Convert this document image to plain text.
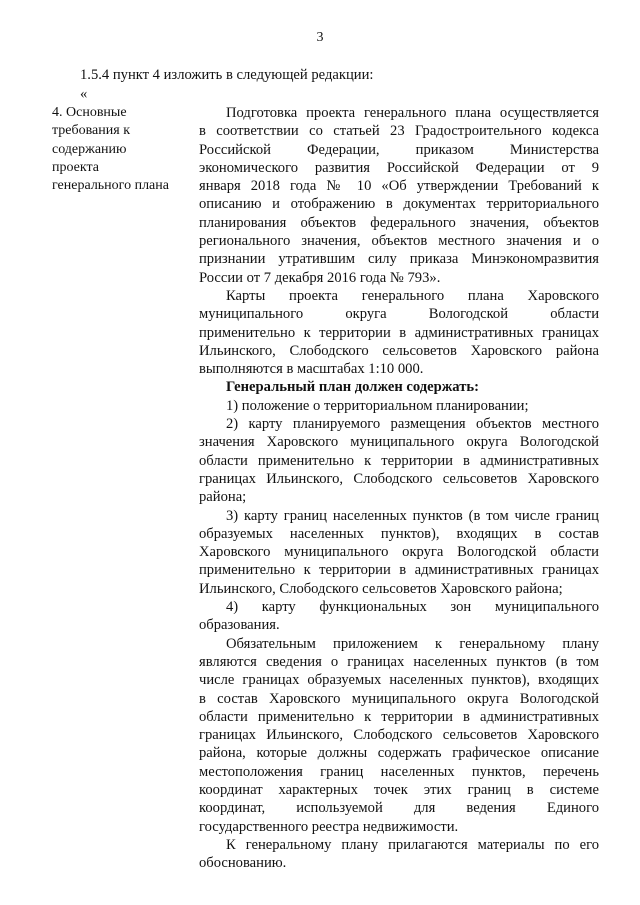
3
1.5.4 пункт 4 изложить в следующей редакции:
«
4. Основные
требования к
содержанию
проекта
генерального плана
Подготовка проекта генерального плана осуществляется
в соответствии со статьей 23 Градостроительного кодекса
Российской Федерации, приказом Министерства
экономического развития Российской Федерации от 9
января 2018 года № 10 «Об утверждении Требований к
описанию и отображению в документах территориального
планирования объектов федерального значения, объектов
регионального значения, объектов местного значения и о
признании утратившим силу приказа Минэкономразвития
России от 7 декабря 2016 года № 793».
Карты проекта генерального плана Харовского
муниципального округа Вологодской области
применительно к территории в административных границах
Ильинского, Слободского сельсоветов Харовского района
выполняются в масштабах 1:10 000.
Генеральный план должен содержать:
1) положение о территориальном планировании;
2) карту планируемого размещения объектов местного
значения Харовского муниципального округа Вологодской
области применительно к территории в административных
границах Ильинского, Слободского сельсоветов Харовского
района;
3) карту границ населенных пунктов (в том числе границ
образуемых населенных пунктов), входящих в состав
Харовского муниципального округа Вологодской области
применительно к территории в административных границах
Ильинского, Слободского сельсоветов Харовского района;
4) карту функциональных зон муниципального
образования.
Обязательным приложением к генеральному плану
являются сведения о границах населенных пунктов (в том
числе границах образуемых населенных пунктов), входящих
в состав Харовского муниципального округа Вологодской
области применительно к территории в административных
границах Ильинского, Слободского сельсоветов Харовского
района, которые должны содержать графическое описание
местоположения границ населенных пунктов, перечень
координат характерных точек этих границ в системе
координат, используемой для ведения Единого
государственного реестра недвижимости.
К генеральному плану прилагаются материалы по его
обоснованию.
